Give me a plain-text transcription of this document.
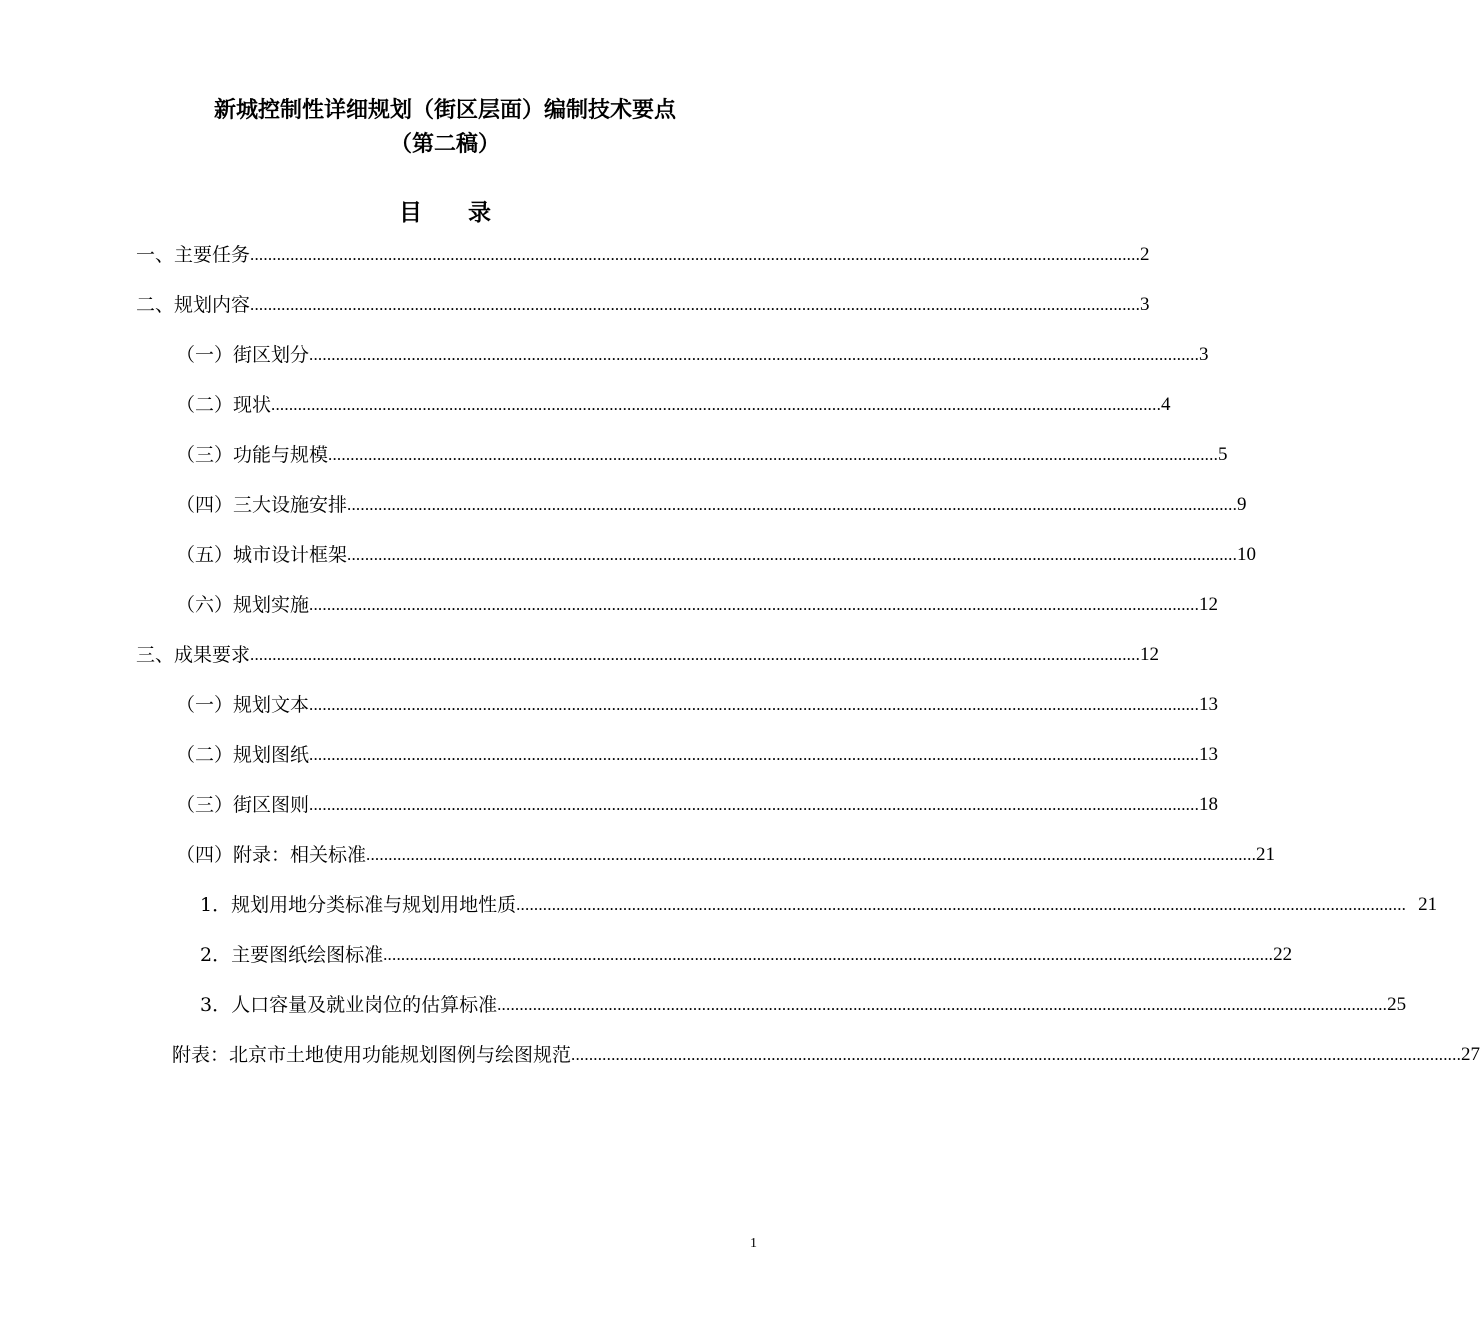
新城控制性详细规划（街区层面）编制技术要点
（第二稿）
目　　录
一、主要任务 ........................................................................................................................................................................................................ 2
二、规划内容 ........................................................................................................................................................................................................ 3
（一）街区划分 ........................................................................................................................................................................................................ 3
（二）现状 ........................................................................................................................................................................................................ 4
（三）功能与规模 ........................................................................................................................................................................................................ 5
（四）三大设施安排 ........................................................................................................................................................................................................ 9
（五）城市设计框架 ........................................................................................................................................................................................................ 10
（六）规划实施 ........................................................................................................................................................................................................ 12
三、成果要求 ........................................................................................................................................................................................................ 12
（一）规划文本 ........................................................................................................................................................................................................ 13
（二）规划图纸 ........................................................................................................................................................................................................ 13
（三）街区图则 ........................................................................................................................................................................................................ 18
（四）附录：相关标准 ........................................................................................................................................................................................................ 21
1．规划用地分类标准与规划用地性质 ........................................................................................................................................................................................................ 21
2．主要图纸绘图标准 ........................................................................................................................................................................................................ 22
3．人口容量及就业岗位的估算标准 ........................................................................................................................................................................................................ 25
附表：北京市土地使用功能规划图例与绘图规范 ........................................................................................................................................................................................................ 27
1
